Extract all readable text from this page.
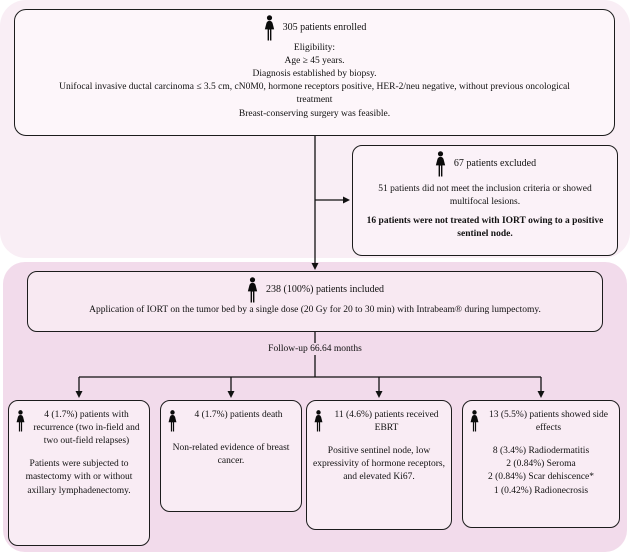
305 patients enrolled
Eligibility:
Age ≥ 45 years.
Diagnosis established by biopsy.
Unifocal invasive ductal carcinoma ≤ 3.5 cm, cN0M0, hormone receptors positive, HER-2/neu negative, without previous oncological treatment
Breast-conserving surgery was feasible.
67 patients excluded
51 patients did not meet the inclusion criteria or showed multifocal lesions.
16 patients were not treated with IORT owing to a positive sentinel node.
238 (100%) patients included
Application of IORT on the tumor bed by a single dose (20 Gy for 20 to 30 min) with Intrabeam® during lumpectomy.
Follow-up 66.64 months
4 (1.7%) patients with recurrence (two in-field and two out-field relapses)
Patients were subjected to mastectomy with or without axillary lymphadenectomy.
4 (1.7%) patients death
Non-related evidence of breast cancer.
11 (4.6%) patients received EBRT
Positive sentinel node, low expressivity of hormone receptors, and elevated Ki67.
13 (5.5%) patients showed side effects
8 (3.4%) Radiodermatitis
2 (0.84%) Seroma
2 (0.84%) Scar dehiscence*
1 (0.42%) Radionecrosis
